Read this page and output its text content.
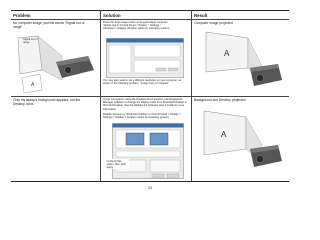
Problem	Solution	Result
No computer image, just the words "Signal out of range"
Press the Auto Image button on keypad adjust computer refresh rate in Control Panel > Display > Settings > Advanced > Adapter (location varies by operating system)
You may also need to set a different resolution on your computer, as shown in the following problem, "image fuzzy or cropped"
Computer image projected
A
Signal out of range
A
Only my laptop's background appears, not the Desktop icons
If your computer is using the DisplayLink connection, use DisplayLink Manager software to change the display mode from Extended Desktop to Mirrored Desktop. See the DisplayLink Software User's Guide for more information.
Disable "Extend my Windows Desktop" in Control Panel > Display > Settings > Display 2 (location varies by operating system)
Background and Desktop projected
Uncheck this option, then click Apply
A
14
